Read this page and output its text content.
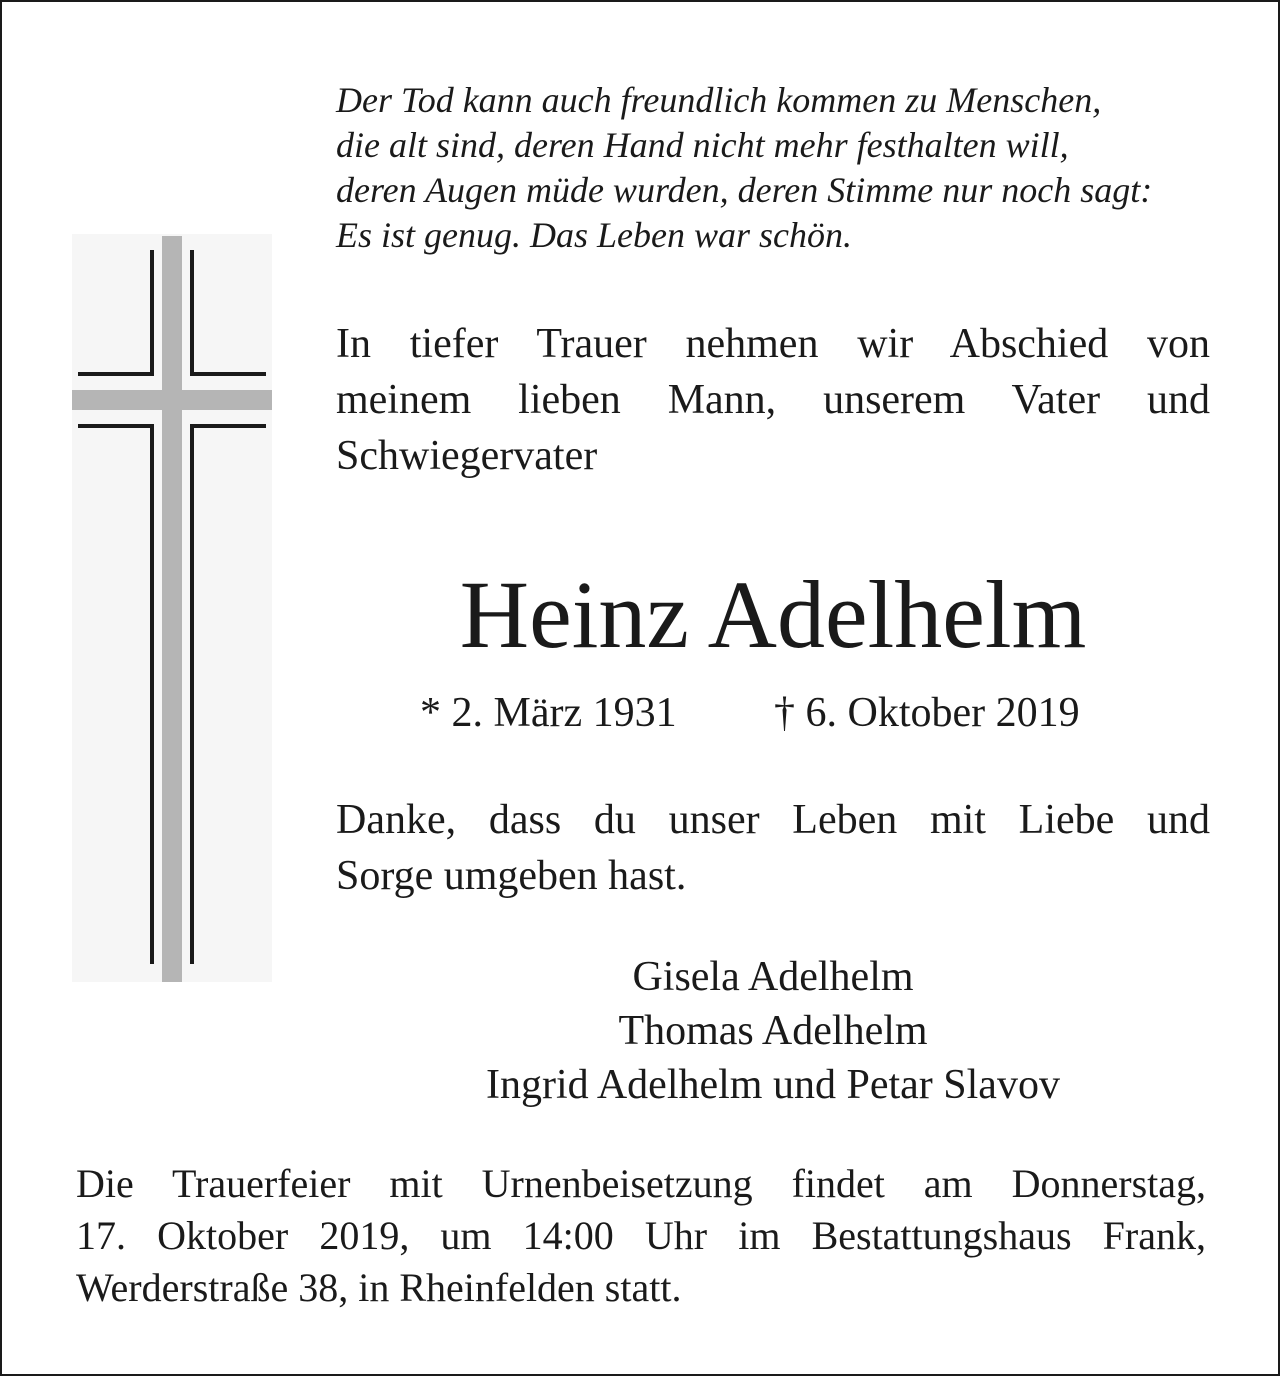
Der Tod kann auch freundlich kommen zu Menschen,
die alt sind, deren Hand nicht mehr festhalten will,
deren Augen müde wurden, deren Stimme nur noch sagt:
Es ist genug. Das Leben war schön.
In tiefer Trauer nehmen wir Abschied von
meinem lieben Mann, unserem Vater und
Schwiegervater
Heinz Adelhelm
* 2. März 1931 † 6. Oktober 2019
Danke, dass du unser Leben mit Liebe und
Sorge umgeben hast.
Gisela Adelhelm
Thomas Adelhelm
Ingrid Adelhelm und Petar Slavov
Die Trauerfeier mit Urnenbeisetzung findet am Donnerstag,
17. Oktober 2019, um 14:00 Uhr im Bestattungshaus Frank,
Werderstraße 38, in Rheinfelden statt.
